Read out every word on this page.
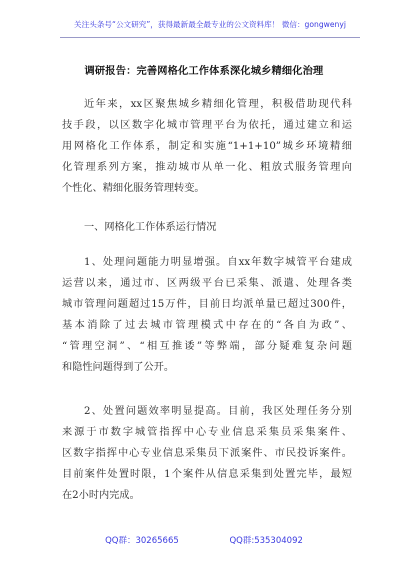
关注头条号“公文研究”，获得最新最全最专业的公文资料库！ 微信：gongwenyj
调研报告：完善网格化工作体系深化城乡精细化治理
近年来，xx区聚焦城乡精细化管理，积极借助现代科
技手段，以区数字化城市管理平台为依托，通过建立和运
用网格化工作体系，制定和实施“1+1+10”城乡环境精细
化管理系列方案，推动城市从单一化、粗放式服务管理向
个性化、精细化服务管理转变。
一、网格化工作体系运行情况
1、处理问题能力明显增强。自xx年数字城管平台建成
运营以来，通过市、区两级平台已采集、派遣、处理各类
城市管理问题超过15万件，目前日均派单量已超过300件，
基本消除了过去城市管理模式中存在的“各自为政”、
“管理空洞”、“相互推诿”等弊端，部分疑难复杂问题
和隐性问题得到了公开。
2、处置问题效率明显提高。目前，我区处理任务分别
来源于市数字城管指挥中心专业信息采集员采集案件、
区数字指挥中心专业信息采集员下派案件、市民投诉案件。
目前案件处置时限，1个案件从信息采集到处置完毕，最短
在2小时内完成。
QQ群：30265665	QQ群:535304092
